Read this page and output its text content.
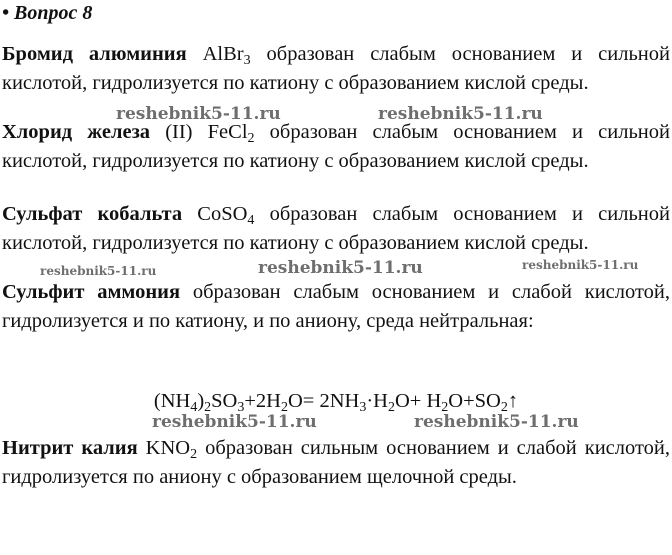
• Вопрос 8

Бромид алюминия AlBr$_3$ образован слабым основанием и сильной кислотой, гидролизуется по катиону с образованием кислой среды.

Хлорид железа (II) FeCl$_2$ образован слабым основанием и сильной кислотой, гидролизуется по катиону с образованием кислой среды.

Сульфат кобальта CoSO$_4$ образован слабым основанием и сильной кислотой, гидролизуется по катиону с образованием кислой среды.

Сульфит аммония образован слабым основанием и слабой кислотой, гидролизуется и по катиону, и по аниону, среда нейтральная:

$(NH_4)_2SO_3+2H_2O= 2NH_3\cdot H_2O+$ $H_2O+SO_2↑$

Нитрит калия $KNO_2$ образован сильным основанием и слабой кислотой, гидролизуется по аниону с образованием щелочной среды.

reshebnik5-11.ru	reshebnik5-11.ru
reshebnik5-11.ru	reshebnik5-11.ru	reshebnik5-11.ru
reshebnik5-11.ru	reshebnik5-11.ru
